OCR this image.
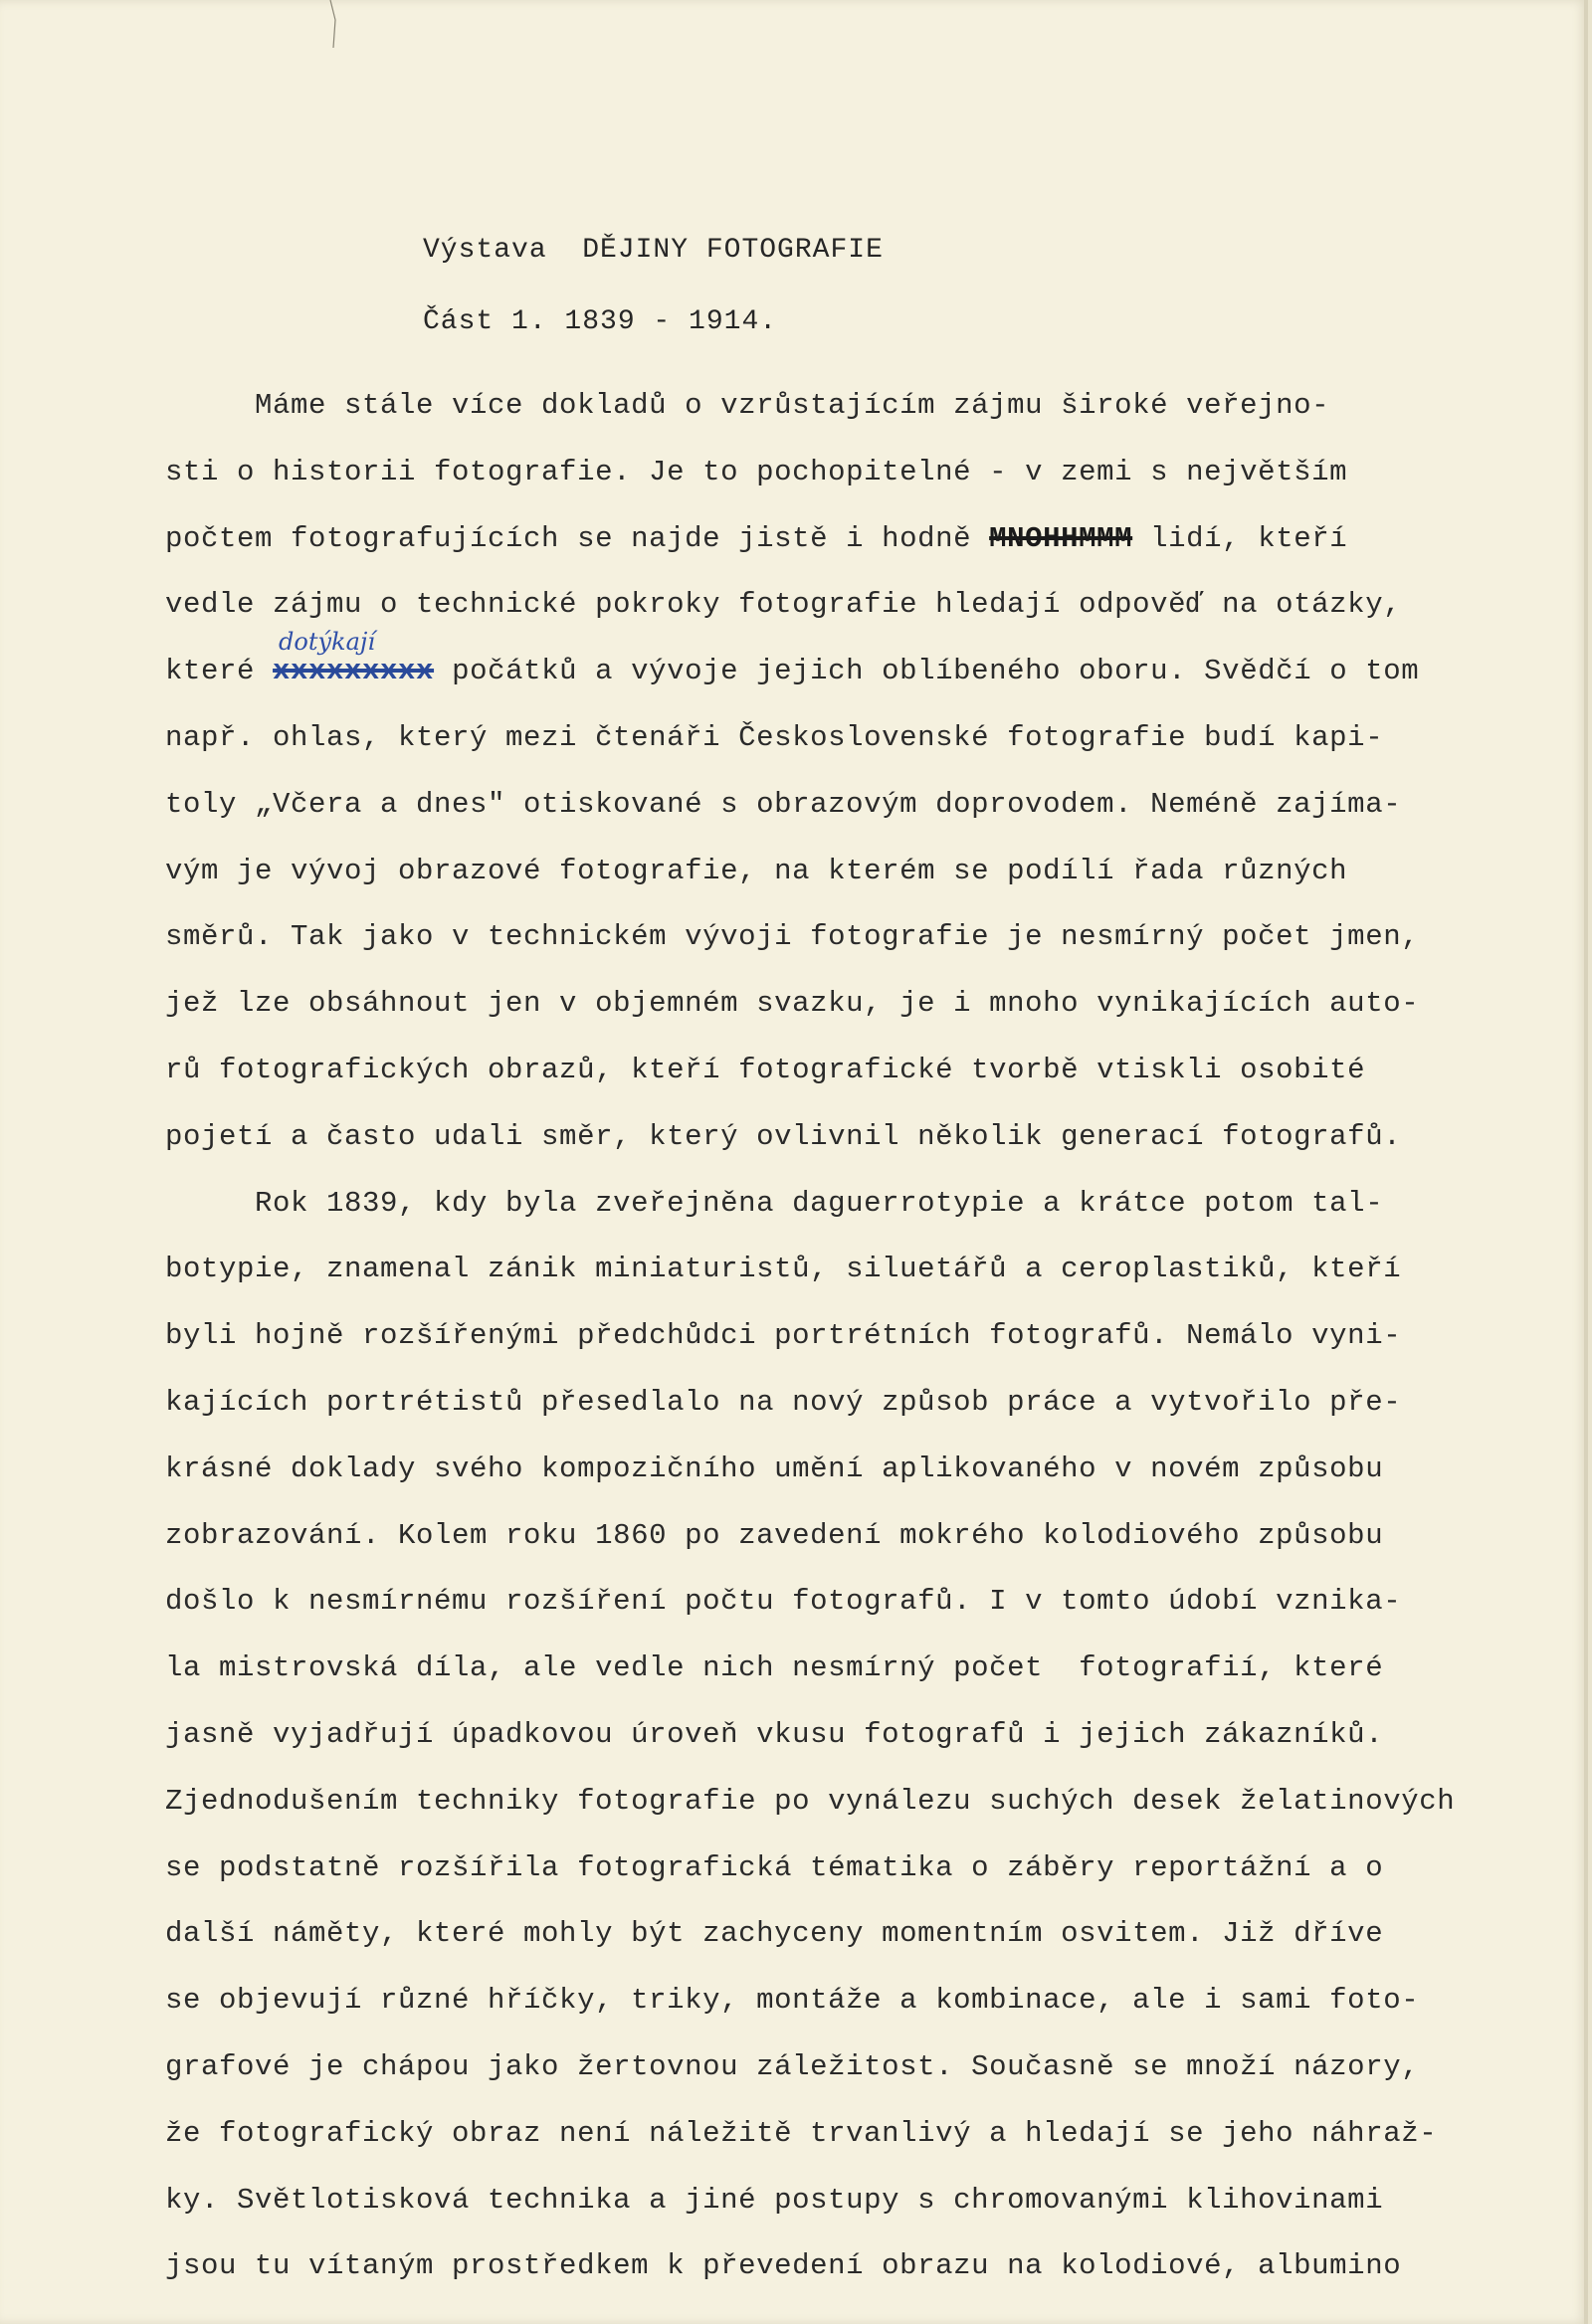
Výstava  DĚJINY FOTOGRAFIE
Část 1. 1839 - 1914.
Máme stále více dokladů o vzrůstajícím zájmu široké veřejno-
sti o historii fotografie. Je to pochopitelné - v zemi s největším
počtem fotografujících se najde jistě i hodně MNOHHMMM lidí, kteří
vedle zájmu o technické pokroky fotografie hledají odpověď na otázky,
které xxxxxxxxx
dotýkají
počátků a vývoje jejich oblíbeného oboru. Svědčí o tom
např. ohlas, který mezi čtenáři Československé fotografie budí kapi-
toly „Včera a dnes" otiskované s obrazovým doprovodem. Neméně zajíma-
vým je vývoj obrazové fotografie, na kterém se podílí řada různých
směrů. Tak jako v technickém vývoji fotografie je nesmírný počet jmen,
jež lze obsáhnout jen v objemném svazku, je i mnoho vynikajících auto-
rů fotografických obrazů, kteří fotografické tvorbě vtiskli osobité
pojetí a často udali směr, který ovlivnil několik generací fotografů.
Rok 1839, kdy byla zveřejněna daguerrotypie a krátce potom tal-
botypie, znamenal zánik miniaturistů, siluetářů a ceroplastiků, kteří
byli hojně rozšířenými předchůdci portrétních fotografů. Nemálo vyni-
kajících portrétistů přesedlalo na nový způsob práce a vytvořilo pře-
krásné doklady svého kompozičního umění aplikovaného v novém způsobu
zobrazování. Kolem roku 1860 po zavedení mokrého kolodiového způsobu
došlo k nesmírnému rozšíření počtu fotografů. I v tomto údobí vznika-
la mistrovská díla, ale vedle nich nesmírný počet  fotografií, které
jasně vyjadřují úpadkovou úroveň vkusu fotografů i jejich zákazníků.
Zjednodušením techniky fotografie po vynálezu suchých desek želatinových
se podstatně rozšířila fotografická tématika o záběry reportážní a o
další náměty, které mohly být zachyceny momentním osvitem. Již dříve
se objevují různé hříčky, triky, montáže a kombinace, ale i sami foto-
grafové je chápou jako žertovnou záležitost. Současně se množí názory,
že fotografický obraz není náležitě trvanlivý a hledají se jeho náhraž-
ky. Světlotisková technika a jiné postupy s chromovanými klihovinami
jsou tu vítaným prostředkem k převedení obrazu na kolodiové, albumino
